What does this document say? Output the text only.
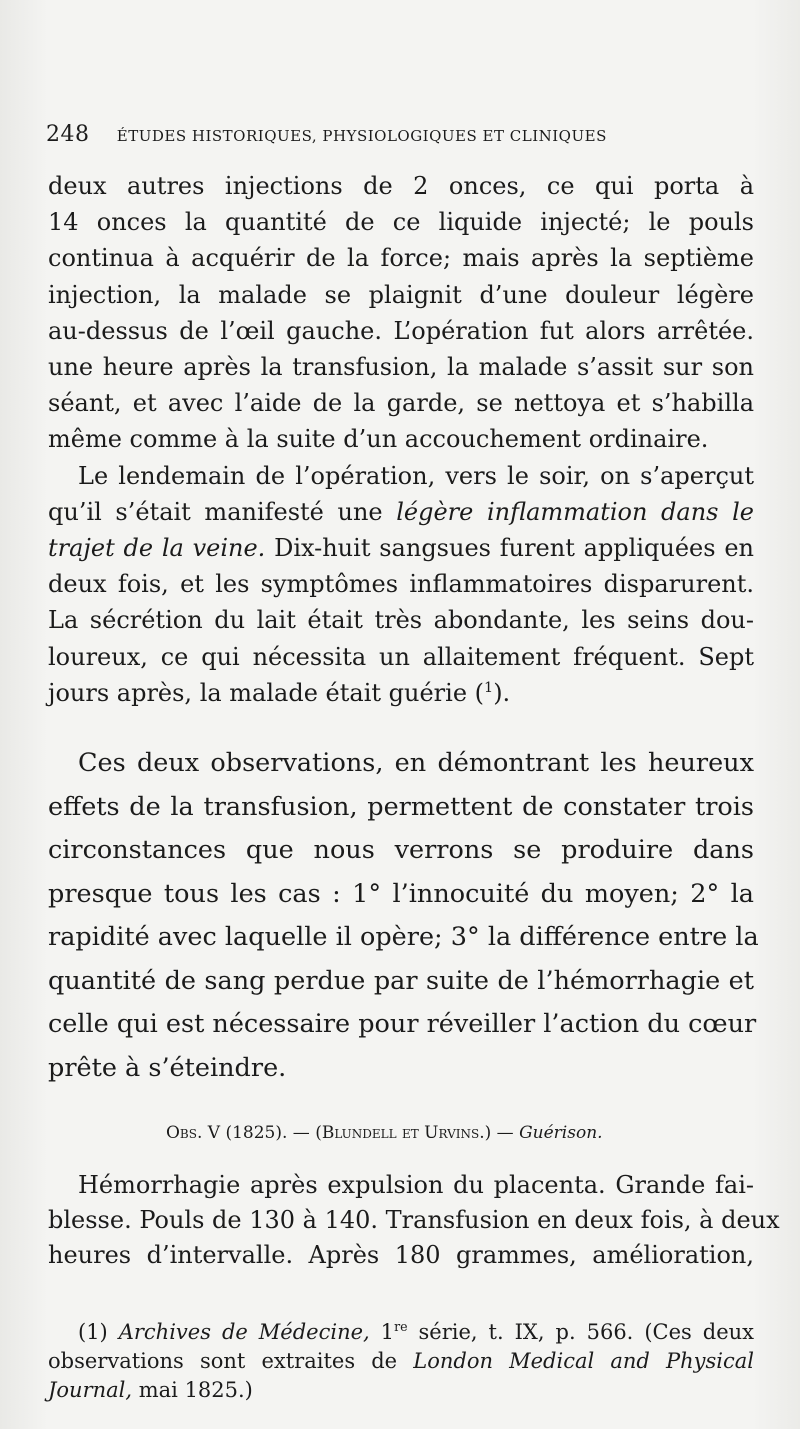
248 ÉTUDES HISTORIQUES, PHYSIOLOGIQUES ET CLINIQUES
deux autres injections de 2 onces, ce qui porta à
14 onces la quantité de ce liquide injecté; le pouls
continua à acquérir de la force; mais après la septième
injection, la malade se plaignit d’une douleur légère
au-dessus de l’œil gauche. L’opération fut alors arrêtée.
une heure après la transfusion, la malade s’assit sur son
séant, et avec l’aide de la garde, se nettoya et s’habilla
même comme à la suite d’un accouchement ordinaire.
Le lendemain de l’opération, vers le soir, on s’aperçut
qu’il s’était manifesté une légère inflammation dans le
trajet de la veine. Dix-huit sangsues furent appliquées en
deux fois, et les symptômes inflammatoires disparurent.
La sécrétion du lait était très abondante, les seins dou-
loureux, ce qui nécessita un allaitement fréquent. Sept
jours après, la malade était guérie ($^1$).
Ces deux observations, en démontrant les heureux
effets de la transfusion, permettent de constater trois
circonstances que nous verrons se produire dans
presque tous les cas : 1° l’innocuité du moyen; 2° la
rapidité avec laquelle il opère; 3° la différence entre la
quantité de sang perdue par suite de l’hémorrhagie et
celle qui est nécessaire pour réveiller l’action du cœur
prête à s’éteindre.
Obs. V (1825). — (Blundell et Urvins.) — Guérison.
Hémorrhagie après expulsion du placenta. Grande fai-
blesse. Pouls de 130 à 140. Transfusion en deux fois, à deux
heures d’intervalle. Après 180 grammes, amélioration,
(1) Archives de Médecine, 1re série, t. IX, p. 566. (Ces deux
observations sont extraites de London Medical and Physical
Journal, mai 1825.)
